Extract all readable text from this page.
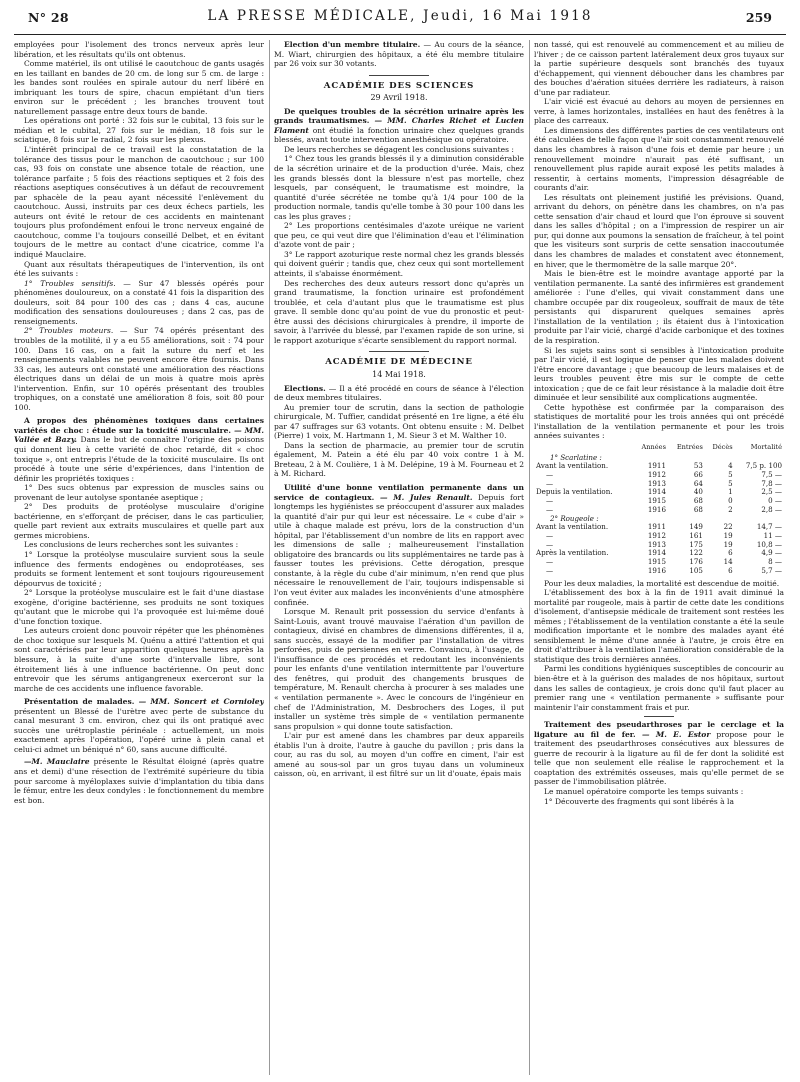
N° 28	LA PRESSE MÉDICALE, Jeudi, 16 Mai 1918	259

employées pour l'isolement des troncs nerveux après leur libération, et les résultats qu'ils ont obtenus.

Comme matériel, ils ont utilisé le caoutchouc de gants usagés en les taillant en bandes de 20 cm. de long sur 5 cm. de large : les bandes sont roulées en spirale autour du nerf libéré en imbriquant les tours de spire, chacun empiétant d'un tiers environ sur le précédent ; les branches trouvent tout naturellement passage entre deux tours de bande.

Les opérations ont porté : 32 fois sur le cubital, 13 fois sur le médian et le cubital, 27 fois sur le médian, 18 fois sur le sciatique, 8 fois sur le radial, 2 fois sur les plexus.

L'intérêt principal de ce travail est la constatation de la tolérance des tissus pour le manchon de caoutchouc ; sur 100 cas, 93 fois on constate une absence totale de réaction, une tolérance parfaite ; 5 fois des réactions septiques et 2 fois des réactions aseptiques consécutives à un défaut de recouvrement par sphacèle de la peau ayant nécessité l'enlèvement du caoutchouc. Aussi, instruits par ces deux échecs partiels, les auteurs ont évité le retour de ces accidents en maintenant toujours plus profondément enfoui le tronc nerveux engainé de caoutchouc, comme l'a toujours conseillé Delbet, et en évitant toujours de le mettre au contact d'une cicatrice, comme l'a indiqué Mauclaire.

Quant aux résultats thérapeutiques de l'intervention, ils ont été les suivants :

1° Troubles sensitifs. — Sur 47 blessés opérés pour phénomènes douloureux, on a constaté 41 fois la disparition des douleurs, soit 84 pour 100 des cas ; dans 4 cas, aucune modification des sensations douloureuses ; dans 2 cas, pas de renseignements.

2° Troubles moteurs. — Sur 74 opérés présentant des troubles de la motilité, il y a eu 55 améliorations, soit : 74 pour 100. Dans 16 cas, on a fait la suture du nerf et les renseignements valables ne peuvent encore être fournis. Dans 33 cas, les auteurs ont constaté une amélioration des réactions électriques dans un délai de un mois à quatre mois après l'intervention. Enfin, sur 10 opérés présentant des troubles trophiques, on a constaté une amélioration 8 fois, soit 80 pour 100.

A propos des phénomènes toxiques dans certaines variétés de choc : étude sur la toxicité musculaire. — MM. Vallée et Bazy. Dans le but de connaître l'origine des poisons qui donnent lieu à cette variété de choc retardé, dit « choc toxique », ont entrepris l'étude de la toxicité musculaire. Ils ont procédé à toute une série d'expériences, dans l'intention de définir les propriétés toxiques :

1° Des sucs obtenus par expression de muscles sains ou provenant de leur autolyse spontanée aseptique ;

2° Des produits de protéolyse musculaire d'origine bactérienne, en s'efforçant de préciser, dans le cas particulier, quelle part revient aux extraits musculaires et quelle part aux germes microbiens.

Les conclusions de leurs recherches sont les suivantes :

1° Lorsque la protéolyse musculaire survient sous la seule influence des ferments endogènes ou endoprotéases, ses produits se forment lentement et sont toujours rigoureusement dépourvus de toxicité ;

2° Lorsque la protéolyse musculaire est le fait d'une diastase exogène, d'origine bactérienne, ses produits ne sont toxiques qu'autant que le microbe qui l'a provoquée est lui-même doué d'une fonction toxique.

Les auteurs croient donc pouvoir répéter que les phénomènes de choc toxique sur lesquels M. Quénu a attiré l'attention et qui sont caractérisés par leur apparition quelques heures après la blessure, à la suite d'une sorte d'intervalle libre, sont étroitement liés à une influence bactérienne. On peut donc entrevoir que les sérums antigangreneux exerceront sur la marche de ces accidents une influence favorable.

Présentation de malades. — MM. Soncert et Cornioley présentent un Blessé de l'urètre avec perte de substance du canal mesurant 3 cm. environ, chez qui ils ont pratiqué avec succès une urétroplastie périnéale : actuellement, un mois exactement après l'opération, l'opéré urine à plein canal et celui-ci admet un béniqué n° 60, sans aucune difficulté.

—M. Mauclaire présente le Résultat éloigné (après quatre ans et demi) d'une résection de l'extrémité supérieure du tibia pour sarcome à myéloplaxes suivie d'implantation du tibia dans le fémur, entre les deux condyles : le fonctionnement du membre est bon.

Election d'un membre titulaire. — Au cours de la séance, M. Wiart, chirurgien des hôpitaux, a été élu membre titulaire par 26 voix sur 30 votants.

ACADÉMIE DES SCIENCES
29 Avril 1918.

De quelques troubles de la sécrétion urinaire après les grands traumatismes. — MM. Charles Richet et Lucien Flament ont étudié la fonction urinaire chez quelques grands blessés, avant toute intervention anesthésique ou opératoire.

De leurs recherches se dégagent les conclusions suivantes :

1° Chez tous les grands blessés il y a diminution considérable de la sécrétion urinaire et de la production d'urée. Mais, chez les grands blessés dont la blessure n'est pas mortelle, chez lesquels, par conséquent, le traumatisme est moindre, la quantité d'urée sécrétée ne tombe qu'à 1/4 pour 100 de la production normale, tandis qu'elle tombe à 30 pour 100 dans les cas les plus graves ;

2° Les proportions centésimales d'azote uréique ne varient que peu, ce qui veut dire que l'élimination d'eau et l'élimination d'azote vont de pair ;

3° Le rapport azoturique reste normal chez les grands blessés qui doivent guérir ; tandis que, chez ceux qui sont mortellement atteints, il s'abaisse énormément.

Des recherches des deux auteurs ressort donc qu'après un grand traumatisme, la fonction urinaire est profondément troublée, et cela d'autant plus que le traumatisme est plus grave. Il semble donc qu'au point de vue du pronostic et peut-être aussi des décisions chirurgicales à prendre, il importe de savoir, à l'arrivée du blessé, par l'examen rapide de son urine, si le rapport azoturique s'écarte sensiblement du rapport normal.

ACADÉMIE DE MÉDECINE
14 Mai 1918.

Elections. — Il a été procédé en cours de séance à l'élection de deux membres titulaires.

Au premier tour de scrutin, dans la section de pathologie chirurgicale, M. Tuffier, candidat présenté en 1re ligne, a été élu par 47 suffrages sur 63 votants. Ont obtenu ensuite : M. Delbet (Pierre) 1 voix, M. Hartmann 1, M. Sieur 3 et M. Walther 10.

Dans la section de pharmacie, au premier tour de scrutin également, M. Patein a été élu par 40 voix contre 1 à M. Breteau, 2 à M. Coulière, 1 à M. Delépine, 19 à M. Fourneau et 2 à M. Richard.

Utilité d'une bonne ventilation permanente dans un service de contagieux. — M. Jules Renault. Depuis fort longtemps les hygiénistes se préoccupent d'assurer aux malades la quantité d'air pur qui leur est nécessaire. Le « cube d'air » utile à chaque malade est prévu, lors de la construction d'un hôpital, par l'établissement d'un nombre de lits en rapport avec les dimensions de salle ; malheureusement l'installation obligatoire des brancards ou lits supplémentaires ne tarde pas à fausser toutes les prévisions. Cette dérogation, presque constante, à la règle du cube d'air minimum, n'en rend que plus nécessaire le renouvellement de l'air, toujours indispensable si l'on veut éviter aux malades les inconvénients d'une atmosphère confinée.

Lorsque M. Renault prit possession du service d'enfants à Saint-Louis, avant trouvé mauvaise l'aération d'un pavillon de contagieux, divisé en chambres de dimensions différentes, il a, sans succès, essayé de la modifier par l'installation de vitres perforées, puis de persiennes en verre. Convaincu, à l'usage, de l'insuffisance de ces procédés et redoutant les inconvénients pour les enfants d'une ventilation intermittente par l'ouverture des fenêtres, qui produit des changements brusques de température, M. Renault chercha à procurer à ses malades une « ventilation permanente ». Avec le concours de l'ingénieur en chef de l'Administration, M. Desbrochers des Loges, il put installer un système très simple de « ventilation permanente sans propulsion » qui donne toute satisfaction.

L'air pur est amené dans les chambres par deux appareils établis l'un à droite, l'autre à gauche du pavillon ; pris dans la cour, au ras du sol, au moyen d'un coffre en ciment, l'air est amené au sous-sol par un gros tuyau dans un volumineux caisson, où, en arrivant, il est filtré sur un lit d'ouate, épais mais

non tassé, qui est renouvelé au commencement et au milieu de l'hiver ; de ce caisson partent latéralement deux gros tuyaux sur la partie supérieure desquels sont branchés des tuyaux d'échappement, qui viennent déboucher dans les chambres par des bouches d'aération situées derrière les radiateurs, à raison d'une par radiateur.

L'air vicié est évacué au dehors au moyen de persiennes en verre, à lames horizontales, installées en haut des fenêtres à la place des carreaux.

Les dimensions des différentes parties de ces ventilateurs ont été calculées de telle façon que l'air soit constamment renouvelé dans les chambres à raison d'une fois et demie par heure ; un renouvellement moindre n'aurait pas été suffisant, un renouvellement plus rapide aurait exposé les petits malades à ressentir, à certains moments, l'impression désagréable de courants d'air.

Les résultats ont pleinement justifié les prévisions. Quand, arrivant du dehors, on pénètre dans les chambres, on n'a pas cette sensation d'air chaud et lourd que l'on éprouve si souvent dans les salles d'hôpital ; on a l'impression de respirer un air pur, qui donne aux poumons la sensation de fraîcheur, à tel point que les visiteurs sont surpris de cette sensation inaccoutumée dans les chambres de malades et constatent avec étonnement, en hiver, que le thermomètre de la salle marque 20°.

Mais le bien-être est le moindre avantage apporté par la ventilation permanente. La santé des infirmières est grandement améliorée : l'une d'elles, qui vivait constamment dans une chambre occupée par dix rougeoleux, souffrait de maux de tête persistants qui disparurent quelques semaines après l'installation de la ventilation ; ils étaient dus à l'intoxication produite par l'air vicié, chargé d'acide carbonique et des toxines de la respiration.

Si les sujets sains sont si sensibles à l'intoxication produite par l'air vicié, il est logique de penser que les malades doivent l'être encore davantage ; que beaucoup de leurs malaises et de leurs troubles peuvent être mis sur le compte de cette intoxication ; que de ce fait leur résistance à la maladie doit être diminuée et leur sensibilité aux complications augmentée.

Cette hypothèse est confirmée par la comparaison des statistiques de mortalité pour les trois années qui ont précédé l'installation de la ventilation permanente et pour les trois années suivantes :

	Années	Entrées	Décès	Mortalité
1° Scarlatine :				
Avant la ventilation.	1911	53	4	7,5 p. 100
—	1912	66	5	7,5 —
—	1913	64	5	7,8 —
Depuis la ventilation.	1914	40	1	2,5 —
—	1915	68	0	0 —
—	1916	68	2	2,8 —
2° Rougeole :				
Avant la ventilation.	1911	149	22	14,7 —
—	1912	161	19	11 —
—	1913	175	19	10,8 —
Après la ventilation.	1914	122	6	4,9 —
—	1915	176	14	8 —
—	1916	105	6	5,7 —

Pour les deux maladies, la mortalité est descendue de moitié.

L'établissement des box à la fin de 1911 avait diminué la mortalité par rougeole, mais à partir de cette date les conditions d'isolement, d'antisepsie médicale de traitement sont restées les mêmes ; l'établissement de la ventilation constante a été la seule modification importante et le nombre des malades ayant été sensiblement le même d'une année à l'autre, je crois être en droit d'attribuer à la ventilation l'amélioration considérable de la statistique des trois dernières années.

Parmi les conditions hygiéniques susceptibles de concourir au bien-être et à la guérison des malades de nos hôpitaux, surtout dans les salles de contagieux, je crois donc qu'il faut placer au premier rang une « ventilation permanente » suffisante pour maintenir l'air constamment frais et pur.

Traitement des pseudarthroses par le cerclage et la ligature au fil de fer. — M. E. Estor propose pour le traitement des pseudarthroses consécutives aux blessures de guerre de recourir à la ligature au fil de fer dont la solidité est telle que non seulement elle réalise le rapprochement et la coaptation des extrémités osseuses, mais qu'elle permet de se passer de l'immobilisation plâtrée.

Le manuel opératoire comporte les temps suivants :

1° Découverte des fragments qui sont libérés à la
